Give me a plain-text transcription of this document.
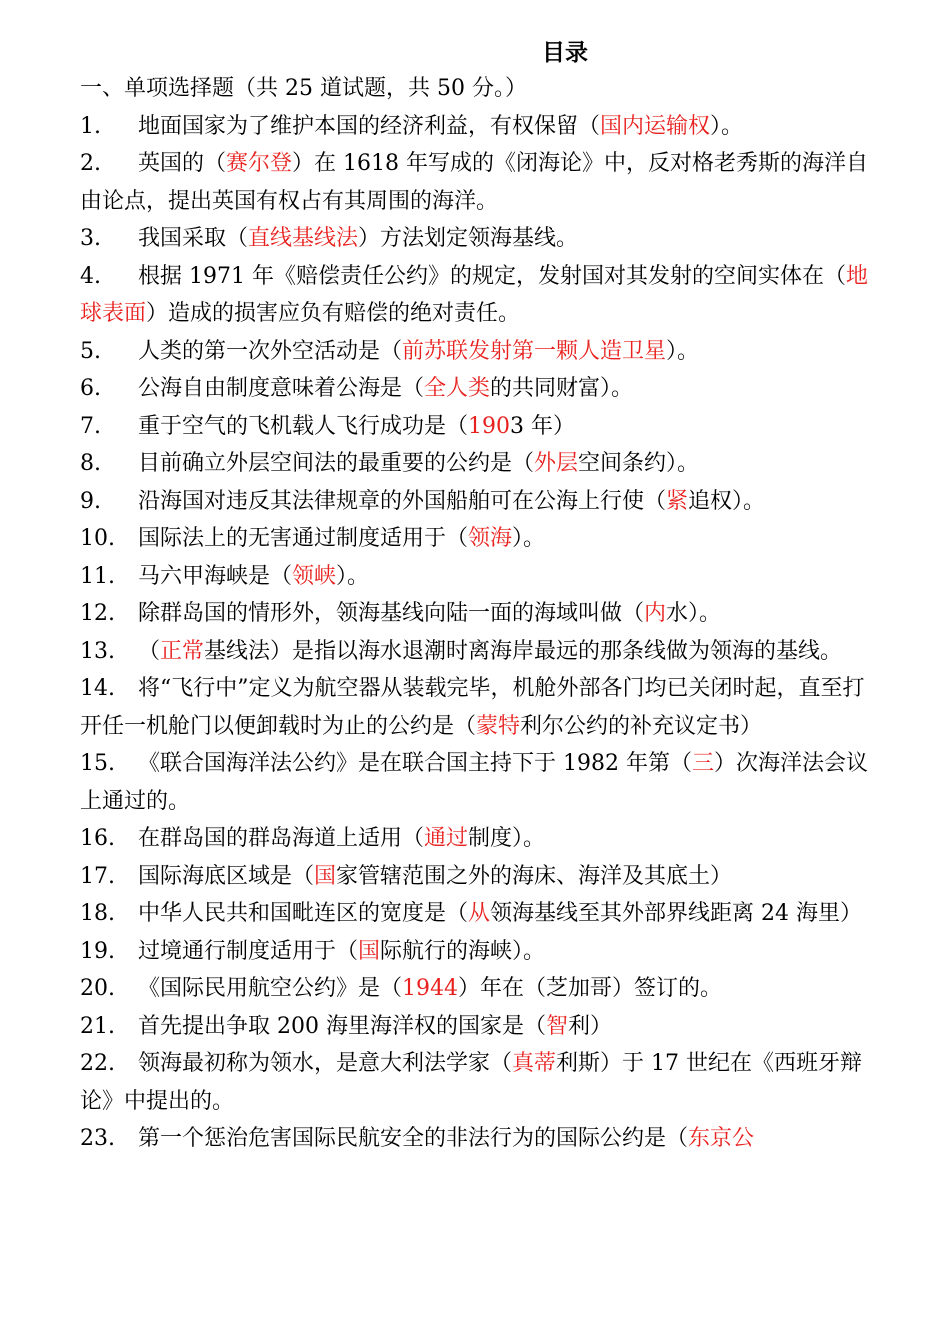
目录

一、单项选择题（共 25 道试题，共 50 分。）

1. 地面国家为了维护本国的经济利益，有权保留（国内运输权）。
2. 英国的（赛尔登）在 1618 年写成的《闭海论》中，反对格老秀斯的海洋自由论点，提出英国有权占有其周围的海洋。
3. 我国采取（直线基线法）方法划定领海基线。
4. 根据 1971 年《赔偿责任公约》的规定，发射国对其发射的空间实体在（地球表面）造成的损害应负有赔偿的绝对责任。
5. 人类的第一次外空活动是（前苏联发射第一颗人造卫星）。
6. 公海自由制度意味着公海是（全人类的共同财富）。
7. 重于空气的飞机载人飞行成功是（1903 年）
8. 目前确立外层空间法的最重要的公约是（外层空间条约）。
9. 沿海国对违反其法律规章的外国船舶可在公海上行使（紧追权）。
10. 国际法上的无害通过制度适用于（领海）。
11. 马六甲海峡是（领峡）。
12. 除群岛国的情形外，领海基线向陆一面的海域叫做（内水）。
13. （正常基线法）是指以海水退潮时离海岸最远的那条线做为领海的基线。
14. 将“飞行中”定义为航空器从装载完毕，机舱外部各门均已关闭时起，直至打开任一机舱门以便卸载时为止的公约是（蒙特利尔公约的补充议定书）
15. 《联合国海洋法公约》是在联合国主持下于 1982 年第（三）次海洋法会议上通过的。
16. 在群岛国的群岛海道上适用（通过制度）。
17. 国际海底区域是（国家管辖范围之外的海床、海洋及其底土）
18. 中华人民共和国毗连区的宽度是（从领海基线至其外部界线距离 24 海里）
19. 过境通行制度适用于（国际航行的海峡）。
20. 《国际民用航空公约》是（1944）年在（芝加哥）签订的。
21. 首先提出争取 200 海里海洋权的国家是（智利）
22. 领海最初称为领水，是意大利法学家（真蒂利斯）于 17 世纪在《西班牙辩论》中提出的。
23. 第一个惩治危害国际民航安全的非法行为的国际公约是（东京公
